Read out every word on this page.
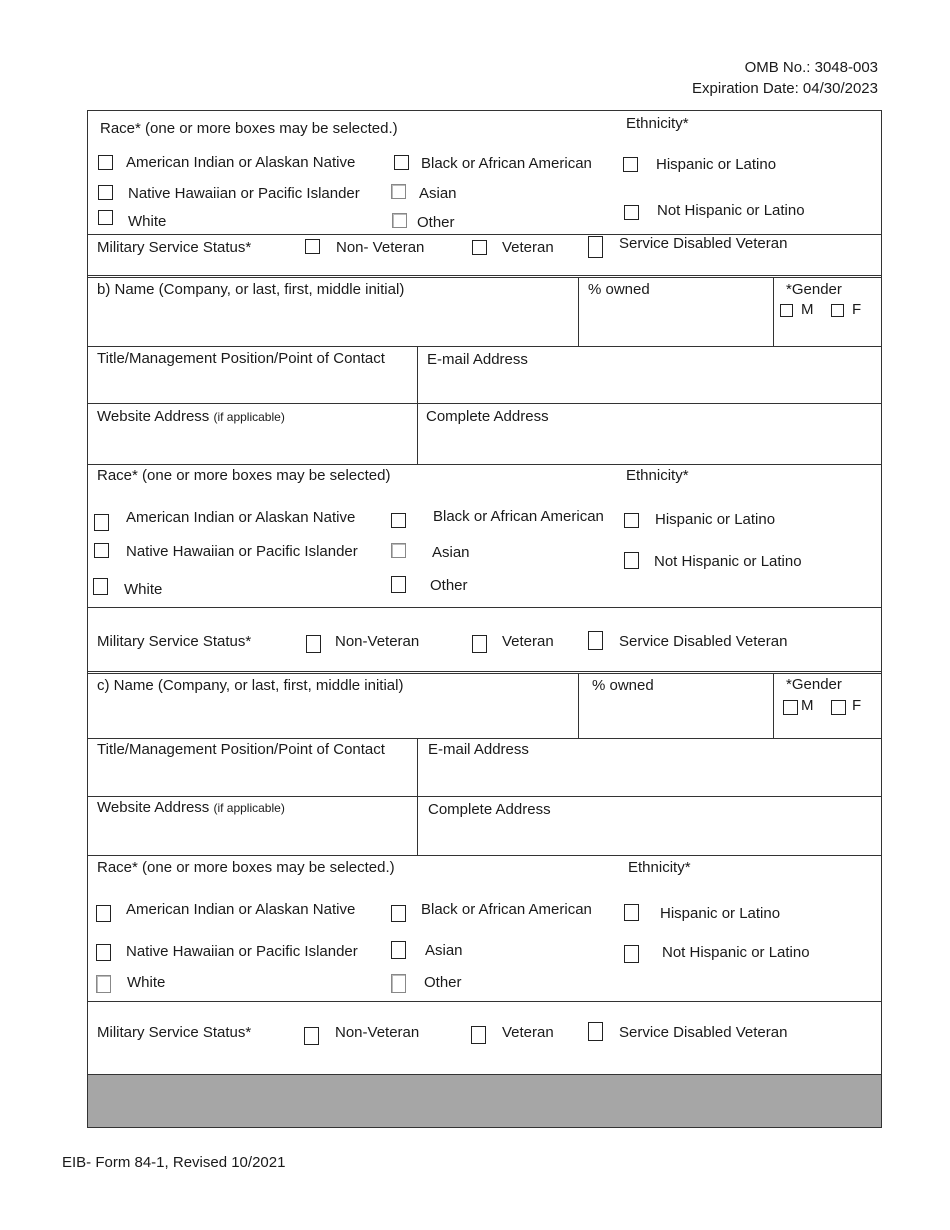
OMB No.: 3048-003
Expiration Date: 04/30/2023
Race* (one or more boxes may be selected.)	Ethnicity*
American Indian or Alaskan Native	Black or African American	Hispanic or Latino
Native Hawaiian or Pacific Islander	Asian
White	Other
Not Hispanic or Latino
Military Service Status*	Non- Veteran	Veteran	Service Disabled Veteran
b) Name (Company, or last, first, middle initial)	% owned	*Gender
M	F
Title/Management Position/Point of Contact	E-mail Address
Website Address (if applicable)	Complete Address
Race* (one or more boxes may be selected)	Ethnicity*
American Indian or Alaskan Native	Black or African American	Hispanic or Latino
Native Hawaiian or Pacific Islander	Asian
Not Hispanic or Latino
White	Other
Military Service Status*	Non-Veteran	Veteran	Service Disabled Veteran
c) Name (Company, or last, first, middle initial)	% owned	*Gender
M	F
Title/Management Position/Point of Contact	E-mail Address
Website Address (if applicable)	Complete Address
Race* (one or more boxes may be selected.)	Ethnicity*
American Indian or Alaskan Native	Black or African American	Hispanic or Latino
Native Hawaiian or Pacific Islander	Asian	Not Hispanic or Latino
White	Other
Military Service Status*	Non-Veteran	Veteran	Service Disabled Veteran
EIB- Form 84-1, Revised 10/2021
